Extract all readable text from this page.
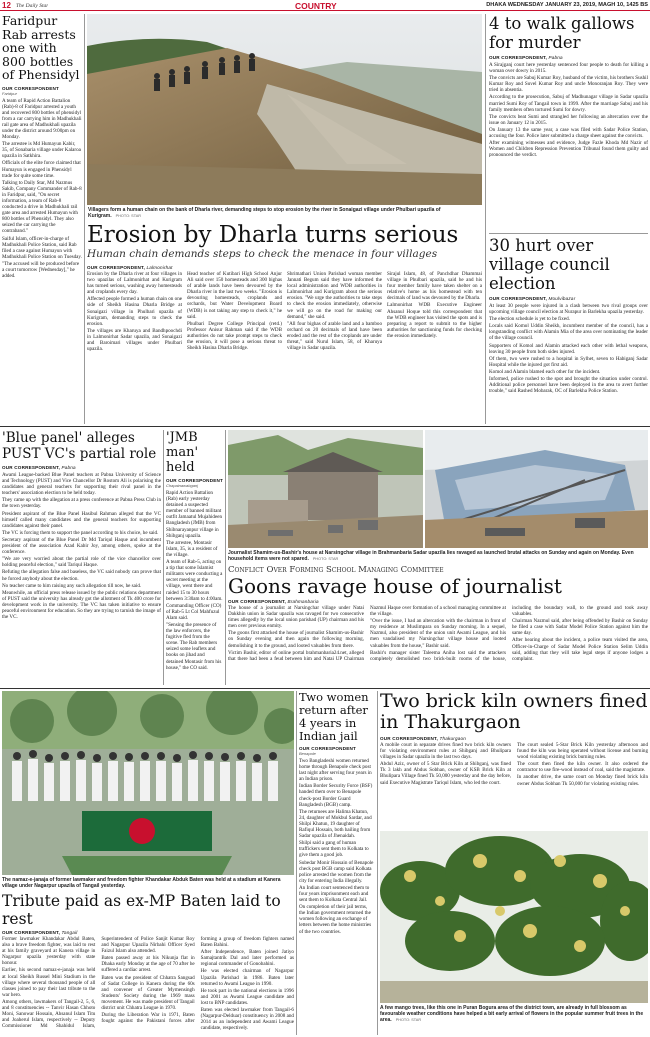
12 The Daily Star	COUNTRY	DHAKA WEDNESDAY JANUARY 23, 2019, MAGH 10, 1425 BS
Faridpur Rab arrests one with 800 bottles of Phensidyl
OUR CORRESPONDENT
Faridpur

A team of Rapid Action Battalion (Rab)-8 of Faridpur arrested a youth and recovered 800 bottles of phensidyl from a car carrying him in Madhukhali rail gate area of Madhukhali upazila under the district around 9:00pm on Monday.

The arrestee is Md Humayun Kabir, 35, of Sonabaria village under Kalaroa upazila in Satkhira.

Officials of the elite force claimed that Humayun is engaged in Phensidyl trade for quite some time.

Talking to Daily Star, Md Nazmus Sakib, Company Commander of Rab-8 in Faridpur, said, "On secret information, a team of Rab-8 conducted a drive in Madhukhali rail gate area and arrested Humayun with 800 bottles of Phensidyl. They also seized the car carrying the contraband."

Saiful Islam, officer-in-charge of Madhukhali Police Station, said Rab filed a case against Humayun with Madhukhali Police Station on Tuesday.

"The accused will be produced before a court tomorrow [Wednesday]," he added.

Villagers form a human chain on the bank of Dharla river, demanding steps to stop erosion by the river in Sonaigazi village under Phulbari upazila of Kurigram. PHOTO: STAR
Erosion by Dharla turns serious
Human chain demands steps to check the menace in four villages
OUR CORRESPONDENT, Lalmonirhat

Erosion by the Dharla river at four villages in two upazilas of Lalmonirhat and Kurigram has turned serious, washing away homesteads and croplands every day.

Affected people formed a human chain on one side of Sheikh Hasina Dharla Bridge at Sonaigazi village in Phulbari upazila of Kurigram, demanding steps to check the erosion.

The villages are Kharuya and Bandhpoochdi in Lalmonirhat Sadar upazila, and Sonaigazi and Baroimari villages under Phulbari upazila.

Head teacher of Kutibari High School Anjur Ali said over 150 homesteads and 300 bighas of arable lands have been devoured by the Dharla river in the last two weeks. "Erosion is devouring homesteads, croplands and orchards, but Water Development Board (WDB) is not taking any step to check it," he said.

Phulbari Degree College Principal (retd.) Professor Anisur Rahman said if the WDB authorities do not take prompt steps to check the erosion, it will pose a serious threat to Sheikh Hasina Dharla Bridge.

Shrimathari Union Parishad woman member Jannati Begum said they have informed the local administration and WDB authorities in Lalmonirhat and Kurigram about the serious erosion. "We urge the authorities to take steps to check the erosion immediately, otherwise we will go on the road for making our demand," she said.

"All four bighas of arable land and a bamboo orchard on 20 decimals of land have been eroded and the rest of the croplands are under threat," said Nurul Islam, 58, of Kharuya village in Sadar upazila.

Sirajul Islam, 48, of Panchdhar Dhammai village in Phulbari upazila, said he and his four member family have taken shelter on a relative's home as his homestead with ten decimals of land was devoured by the Dharla.

Lalmonirhat WDB Executive Engineer Ahsanul Hoque told this correspondent that the WDB engineer has visited the spots and is preparing a report to submit to the higher authorities for sanctioning funds for checking the erosion immediately.

4 to walk gallows for murder
OUR CORRESPONDENT, Pabna

A Sirajganj court here yesterday sentenced four people to death for killing a woman over dowry in 2015.

The convicts are Sabuj Kumar Roy, husband of the victim, his brothers Sushil Kumar Roy and Suvel Kumar Roy and uncle Monoranjan Roy. They were tried in absentia.

According to the prosecution, Sabuj of Madhunagar village in Sadar upazila married Sumi Roy of Tangail town in 1999. After the marriage Sabuj and his family members often tortured Sumi for dowry.

The convicts beat Sumi and strangled her following an altercation over the issue on January 12 in 2015.

On January 13 the same year, a case was filed with Sadar Police Station, accusing the four. Police later submitted a charge sheet against the convicts.

After examining witnesses and evidence, Judge Fazle Khoda Md Nazir of Women and Children Repression Prevention Tribunal found them guilty and pronounced the verdict.

30 hurt over village council election
OUR CORRESPONDENT, Moulvibazar

At least 30 people were injured in a clash between two rival groups over upcoming village council election at Nurapur in Barlekha upazila yesterday.

The election schedule is yet to be fixed.

Locals said Komol Uddin Sheikh, incumbent member of the council, has a longstanding conflict with Alamin Mia of the area over nominating the leader of the village council.

Supporters of Komol and Alamin attacked each other with lethal weapons, leaving 30 people from both sides injured.

Of them, two were rushed to a hospital in Sylhet, seven to Habiganj Sadar Hospital while the injured got first aid.

Komol and Alamin blamed each other for the incident.

Informed, police rushed to the spot and brought the situation under control. Additional police personnel have been deployed in the area to avert further trouble," said Rashed Mobarak, OC of Barlekha Police Station.

'Blue panel' alleges PUST VC's partial role
OUR CORRESPONDENT, Pabna

Awami League-backed Blue Panel teachers at Pabna University of Science and Technology (PUST) and Vice Chancellor Dr Rostom Ali is polarising the candidates and general teachers for supporting their rival panel in the teachers' association election to be held today.

They came up with the allegation at a press conference at Pabna Press Club in the town yesterday.

President aspirant of the Blue Panel Hasibul Rahman alleged that the VC himself called many candidates and the general teachers for supporting candidates against their panel.

The VC is forcing them to support the panel according to his choice, he said.

Secretary aspirant of the Blue Panel Dr Md Tariqul Haque and incumbent president of the association Azad Kabir Joy, among others, spoke at the conference.

"We are very worried about the partial role of the vice chancellor over holding peaceful election," said Tariqul Haque.

Refuting the allegation false and baseless, the VC said nobody can prove that he forced anybody about the election.

No teacher came to him raising any such allegation till now, he said.

Meanwhile, an official press release issued by the public relations department of PUST said the university has already got the allotment of Tk 400 crore for development work in the university. The VC has taken initiative to ensure peaceful environment for education. So they are trying to tarnish the image of the VC.

'JMB man' held
OUR CORRESPONDENT
Chapainawabganj

Rapid Action Battalion (Rab) early yesterday detained a suspected member of banned militant outfit Jamaatul Mujahideen Bangladesh (JMB) from Shibnarayanpur village in Shibganj upazila.

The arrestee, Montasir Islam, 35, is a resident of the village.

A team of Rab-5, acting on a tip that some Islamist militants were conducting a secret meeting at the village, went there and raided 15 to 30 hours between 3:30am to 4:00am.

Commanding Officer (CO) of Rab-5 Lt Col Mahfuzul Alam said.

"Sensing the presence of the law enforcers, the fugitive fled from the scene. The Rab members seized some leaflets and books on jihad and detained Montasir from his house," the CO said.

Journalist Shamim-us-Bashir's house at Narsingchar village in Brahmanbaria Sadar upazila lies ravaged as launched brutal attacks on Sunday and again on Monday. Even household items were not spared. PHOTO: STAR
Conflict Over Forming School Managing Committee
Goons ravage house of journalist
OUR CORRESPONDENT, Brahmanbaria

The house of a journalist at Narsingchar village under Natai Dakkhin union in Sadar upazila was ravaged for two consecutive times allegedly by the local union parishad (UP) chairman and his men over previous enmity.

The goons first attacked the house of journalist Shamim-us-Bashir on Sunday evening and then again the following morning, demolishing it to the ground, and looted valuables from there.

Victim Bashir, editor of online portal brahmanbaria24.net, alleged that there had been a feud between him and Natai UP Chairman Nazmul Haque over formation of a school managing committee at the village.

"Over the issue, I had an altercation with the chairman in front of my residence at Muslimpara on Sunday morning. In a sequel, Nazmul, also president of the union unit Awami League, and his men vandalised my Narsingchar village house and looted valuables from the house," Bashir said.

Bashir's manager sister Taleema Aniha lost said the attackers completely demolished two brick-built rooms of the house, including the boundary wall, to the ground and took away valuables.

Chairman Nazmul said, after being offended by Bashir on Sunday he filed a case with Sadar Model Police Station against him the same day.

After hearing about the incident, a police team visited the area, Officer-in-Charge of Sadar Model Police Station Selim Uddin said, adding that they will take legal steps if anyone lodges a complaint.

The namaz-e-janaja of former lawmaker and freedom fighter Khandakar Abduk Baten was held at a stadium at Kanera village under Nagarpur upazila of Tangail yesterday.
Tribute paid as ex-MP Baten laid to rest
OUR CORRESPONDENT, Tangail

Former lawmaker Khandakar Abdul Baten, also a brave freedom fighter, was laid to rest at his family graveyard at Kanera village in Nagarpur upazila yesterday with state honour.

Earlier, his second namaz-e-janaja was held at local Sheikh Russel Mini Stadium in the village where several thousand people of all classes joined to pay their last tribute to the war hero.

Among others, lawmakers of Tangail-2, 5, 6, and 8 constituencies -- Tanvir Hasan Chhoto Moni, Sanowar Hossain, Ahsanul Islam Titu and Joaherul Islam, respectively -- Deputy Commissioner Md Shahidul Islam, Superintendent of Police Sanjit Kumar Roy and Nagarpur Upazila Nirbahi Officer Syed Faizul Islam also attended.

Baten passed away at his Nikunja flat in Dhaka early Monday at the age of 70 after he suffered a cardiac arrest.

Baten was the president of Chhatra Sangsad of Sadat College in Kanera during the 60s and convener of Greater Mymensingh Students' Society during the 1969 mass movement. He was made president of Tangail district unit Chhatra League in 1970.

During the Liberation War in 1971, Baten fought against the Pakistani forces after forming a group of freedom fighters named Baten Bahini.

After Independence, Baten joined Jatiyo Samajtantrik Dal and later performed as regional commander of Gonobahini.

He was elected chairman of Nagarpur Upazila Parishad in 1986. Baten later returned to Awami League in 1990.

He took part in the national elections in 1996 and 2001 as Awami League candidate and lost to BNP candidates.

Baten was elected lawmaker from Tangail-6 (Nagarpur-Delduar) constituency in 2008 and 2014 as an independent and Awami League candidate, respectively.

Two women return after 4 years in Indian jail
OUR CORRESPONDENT
Benapole

Two Bangladeshi women returned home through Benapole check post last night after serving four years in an Indian prison.

Indian Border Security Force (BSF) handed them over to Benapole check-post Border Guard Bangladesh (BGB) camp.

The returnees are Halima Khatun, 24, daughter of Mokbul Sardar, and Shilpi Khatun, 19 daughter of Rafiqul Hossain, both hailing from Sadar upazila of Jhenaidah.

Shilpi said a gang of human traffickers sent them to Kolkata to give them a good job.

Subedar Monir Hossain of Benapole check post BGB camp said Kolkata police arrested the women from the city for entering India illegally.

An Indian court sentenced them to four years imprisonment each and sent them to Kolkata Central Jail.

On completion of their jail terms, the Indian government returned the women following an exchange of letters between the home ministries of the two countries.

Two brick kiln owners fined in Thakurgaon
OUR CORRESPONDENT, Thakurgaon

A mobile court in separate drives fined two brick kiln owners for violating environment rules at Shibganj and Bhulipara villages in Sadar upazila in the last two days.

Abdul Aziz, owner of 5 Star Brick Kiln at Shibganj, was fined Tk 3 lakh and Abdus Sobhan, owner of KSB Brick Kiln at Bhulipara Village fined Tk 50,000 yesterday and the day before, said Executive Magistrate Tariqul Islam, who led the court.

The court sealed 5-Star Brick Kiln yesterday afternoon and found the kiln was being operated without license and burning wood violating existing brick burning rules.

The court then fined the kiln owner. It also ordered the contractor to use fire-wood instead of coal, said the magistrate.

In another drive, the same court on Monday fined brick kiln owner Abdus Sobhan Tk 50,000 for violating existing rules.

A few mango trees, like this one in Puran Bogura area of the district town, are already in full blossom as favourable weather conditions have helped a bit early arrival of flowers in the popular summer fruit trees in the area. PHOTO: STAR
